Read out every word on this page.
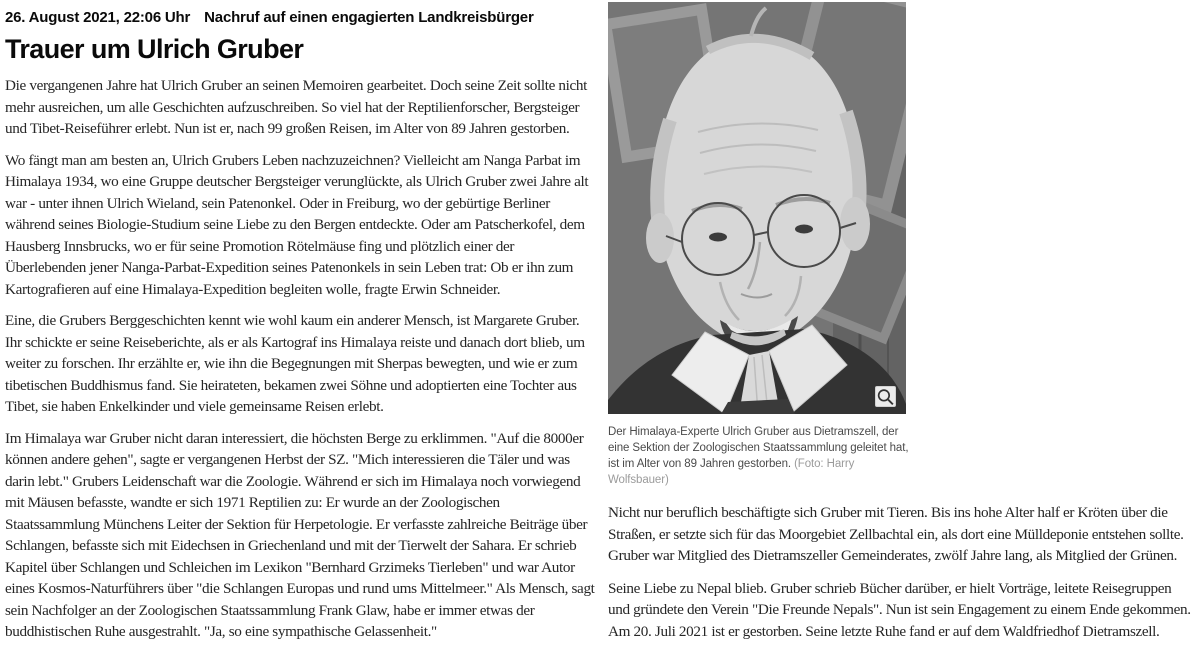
26. August 2021, 22:06 Uhr Nachruf auf einen engagierten Landkreisbürger
Trauer um Ulrich Gruber

Die vergangenen Jahre hat Ulrich Gruber an seinen Memoiren gearbeitet. Doch seine Zeit sollte nicht mehr ausreichen, um alle Geschichten aufzuschreiben. So viel hat der Reptilienforscher, Bergsteiger und Tibet-Reiseführer erlebt. Nun ist er, nach 99 großen Reisen, im Alter von 89 Jahren gestorben.

Wo fängt man am besten an, Ulrich Grubers Leben nachzuzeichnen? Vielleicht am Nanga Parbat im Himalaya 1934, wo eine Gruppe deutscher Bergsteiger verunglückte, als Ulrich Gruber zwei Jahre alt war - unter ihnen Ulrich Wieland, sein Patenonkel. Oder in Freiburg, wo der gebürtige Berliner während seines Biologie-Studium seine Liebe zu den Bergen entdeckte. Oder am Patscherkofel, dem Hausberg Innsbrucks, wo er für seine Promotion Rötelmäuse fing und plötzlich einer der Überlebenden jener Nanga-Parbat-Expedition seines Patenonkels in sein Leben trat: Ob er ihn zum Kartografieren auf eine Himalaya-Expedition begleiten wolle, fragte Erwin Schneider.

Eine, die Grubers Berggeschichten kennt wie wohl kaum ein anderer Mensch, ist Margarete Gruber. Ihr schickte er seine Reiseberichte, als er als Kartograf ins Himalaya reiste und danach dort blieb, um weiter zu forschen. Ihr erzählte er, wie ihn die Begegnungen mit Sherpas bewegten, und wie er zum tibetischen Buddhismus fand. Sie heirateten, bekamen zwei Söhne und adoptierten eine Tochter aus Tibet, sie haben Enkelkinder und viele gemeinsame Reisen erlebt.

Im Himalaya war Gruber nicht daran interessiert, die höchsten Berge zu erklimmen. "Auf die 8000er können andere gehen", sagte er vergangenen Herbst der SZ. "Mich interessieren die Täler und was darin lebt." Grubers Leidenschaft war die Zoologie. Während er sich im Himalaya noch vorwiegend mit Mäusen befasste, wandte er sich 1971 Reptilien zu: Er wurde an der Zoologischen Staatssammlung Münchens Leiter der Sektion für Herpetologie. Er verfasste zahlreiche Beiträge über Schlangen, befasste sich mit Eidechsen in Griechenland und mit der Tierwelt der Sahara. Er schrieb Kapitel über Schlangen und Schleichen im Lexikon "Bernhard Grzimeks Tierleben" und war Autor eines Kosmos-Naturführers über "die Schlangen Europas und rund ums Mittelmeer." Als Mensch, sagt sein Nachfolger an der Zoologischen Staatssammlung Frank Glaw, habe er immer etwas der buddhistischen Ruhe ausgestrahlt. "Ja, so eine sympathische Gelassenheit."

Der Himalaya-Experte Ulrich Gruber aus Dietramszell, der eine Sektion der Zoologischen Staatssammlung geleitet hat, ist im Alter von 89 Jahren gestorben. (Foto: Harry Wolfsbauer)

Nicht nur beruflich beschäftigte sich Gruber mit Tieren. Bis ins hohe Alter half er Kröten über die Straßen, er setzte sich für das Moorgebiet Zellbachtal ein, als dort eine Mülldeponie entstehen sollte. Gruber war Mitglied des Dietramszeller Gemeinderates, zwölf Jahre lang, als Mitglied der Grünen.

Seine Liebe zu Nepal blieb. Gruber schrieb Bücher darüber, er hielt Vorträge, leitete Reisegruppen und gründete den Verein "Die Freunde Nepals". Nun ist sein Engagement zu einem Ende gekommen. Am 20. Juli 2021 ist er gestorben. Seine letzte Ruhe fand er auf dem Waldfriedhof Dietramszell.
